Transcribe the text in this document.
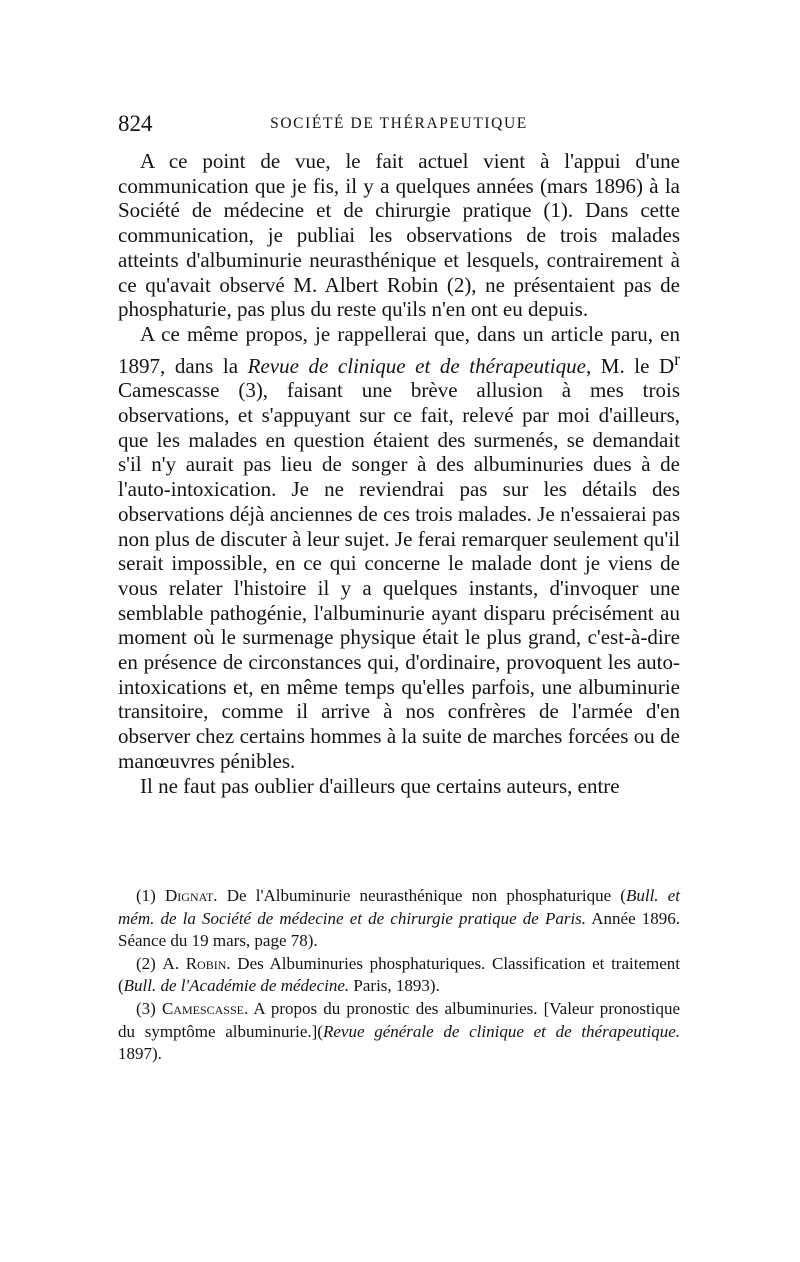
824	SOCIÉTÉ DE THÉRAPEUTIQUE

A ce point de vue, le fait actuel vient à l'appui d'une communication que je fis, il y a quelques années (mars 1896) à la Société de médecine et de chirurgie pratique (1). Dans cette communication, je publiai les observations de trois malades atteints d'albuminurie neurasthénique et lesquels, contrairement à ce qu'avait observé M. Albert Robin (2), ne présentaient pas de phosphaturie, pas plus du reste qu'ils n'en ont eu depuis.

A ce même propos, je rappellerai que, dans un article paru, en 1897, dans la Revue de clinique et de thérapeutique, M. le $D^r$ Camescasse (3), faisant une brève allusion à mes trois observations, et s'appuyant sur ce fait, relevé par moi d'ailleurs, que les malades en question étaient des surmenés, se demandait s'il n'y aurait pas lieu de songer à des albuminuries dues à de l'auto-intoxication. Je ne reviendrai pas sur les détails des observations déjà anciennes de ces trois malades. Je n'essaierai pas non plus de discuter à leur sujet. Je ferai remarquer seulement qu'il serait impossible, en ce qui concerne le malade dont je viens de vous relater l'histoire il y a quelques instants, d'invoquer une semblable pathogénie, l'albuminurie ayant disparu précisément au moment où le surmenage physique était le plus grand, c'est-à-dire en présence de circonstances qui, d'ordinaire, provoquent les auto-intoxications et, en même temps qu'elles parfois, une albuminurie transitoire, comme il arrive à nos confrères de l'armée d'en observer chez certains hommes à la suite de marches forcées ou de manœuvres pénibles.

Il ne faut pas oublier d'ailleurs que certains auteurs, entre

(1) Dignat. De l'Albuminurie neurasthénique non phosphaturique (Bull. et mém. de la Société de médecine et de chirurgie pratique de Paris. Année 1896. Séance du 19 mars, page 78).

(2) A. Robin. Des Albuminuries phosphaturiques. Classification et traitement (Bull. de l'Académie de médecine. Paris, 1893).

(3) Camescasse. A propos du pronostic des albuminuries. [Valeur pronostique du symptôme albuminurie.](Revue générale de clinique et de thérapeutique. 1897).
